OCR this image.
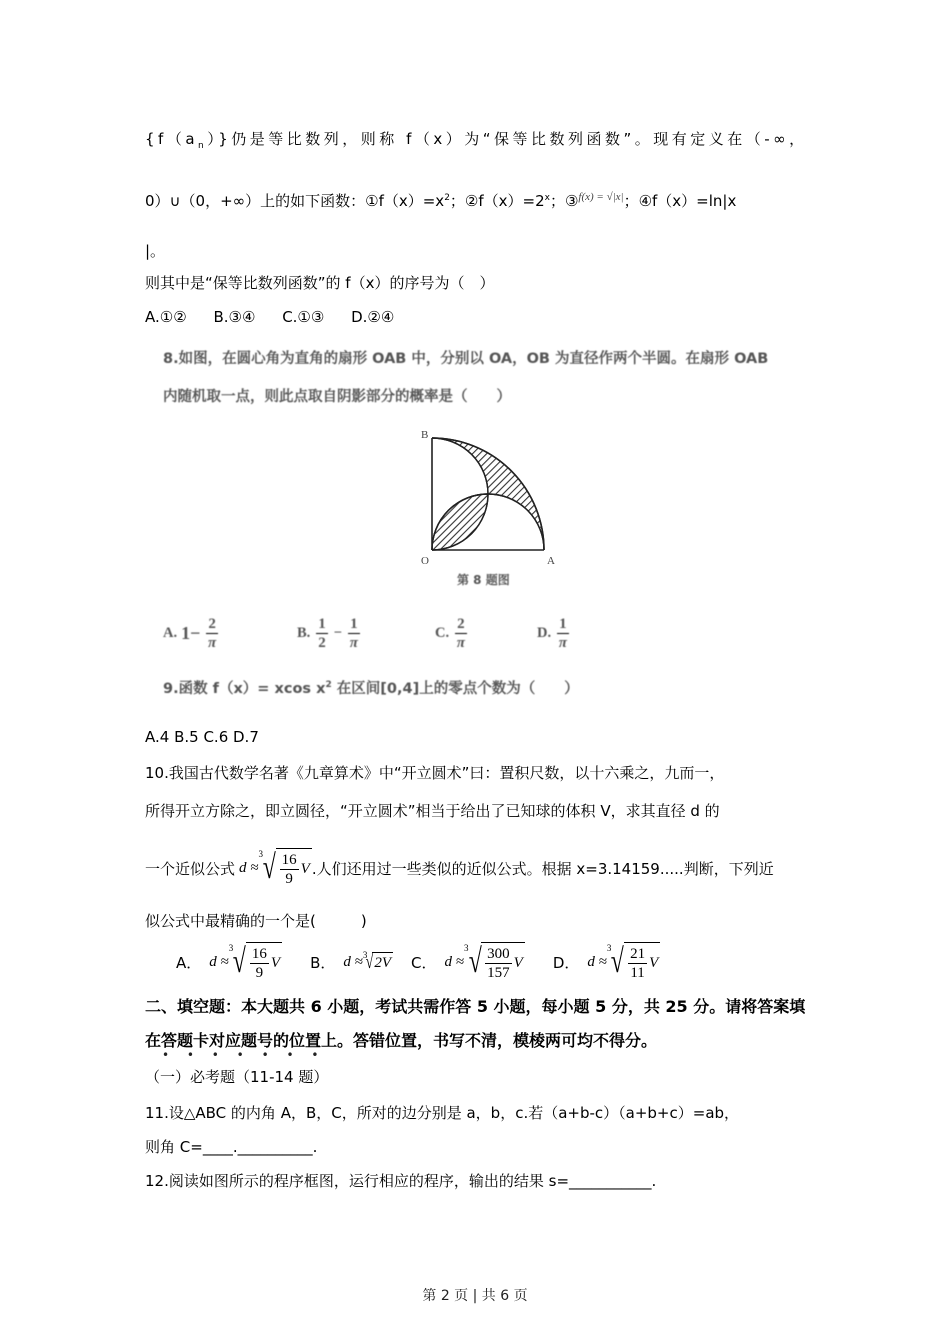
$\{f(a_n)\}$仍是等比数列，则称 f（x）为“保等比数列函数”。现有定义在（-∞，
0）∪（0，+∞）上的如下函数：$①f(x)=x^2$；$②f(x)=2^x$；③$^{f(x) = √|x|}$；④f（x）=ln|x
|。
则其中是“保等比数列函数”的 f（x）的序号为（　）
A.①② B.③④ C.①③ D.②④
8.如图，在圆心角为直角的扇形 OAB 中，分别以 OA，OB 为直径作两个半圆。在扇形 OAB
内随机取一点，则此点取自阴影部分的概率是（　　）
B
O	A
第 8 题图
A. $1- \frac{2}{\pi}$	B. $\frac{1}{2} - \frac{1}{\pi}$	C. $\frac{2}{\pi}$	D. $\frac{1}{\pi}$
9.函数 f（x）= xcos $x^2$ 在区间[0,4]上的零点个数为（　　）
A.4 B.5 C.6 D.7
10.我国古代数学名著《九章算术》中“开立圆术”曰：置积尺数，以十六乘之，九而一，
所得开立方除之，即立圆径，“开立圆术”相当于给出了已知球的体积 V，求其直径 d 的
一个近似公式 d ≈
3 √ $\frac{16}{9}$ V .人们还用过一些类似的近似公式。根据 x=3.14159.....判断，下列近
似公式中最精确的一个是(　　　)
A． d ≈
3 √ $\frac{16}{9}$ V B． d ≈ 3
√ 2V C． d ≈
3 √ $\frac{300}{157}$ V D． d ≈
3 √ $\frac{21}{11}$ V
二、填空题：本大题共 6 小题，考试共需作答 5 小题，每小题 5 分，共 25 分。请将答案填
在答题卡对应题号的位置上。答错位置，书写不清，模棱两可均不得分。
• • • • • • •
（一）必考题（11-14 题）
11.设△ABC 的内角 A，B，C，所对的边分别是 a，b，c.若（a+b-c）（a+b+c）=ab，
则角 C=____.__________.
12.阅读如图所示的程序框图，运行相应的程序，输出的结果 s=___________.
第 2 页 | 共 6 页
